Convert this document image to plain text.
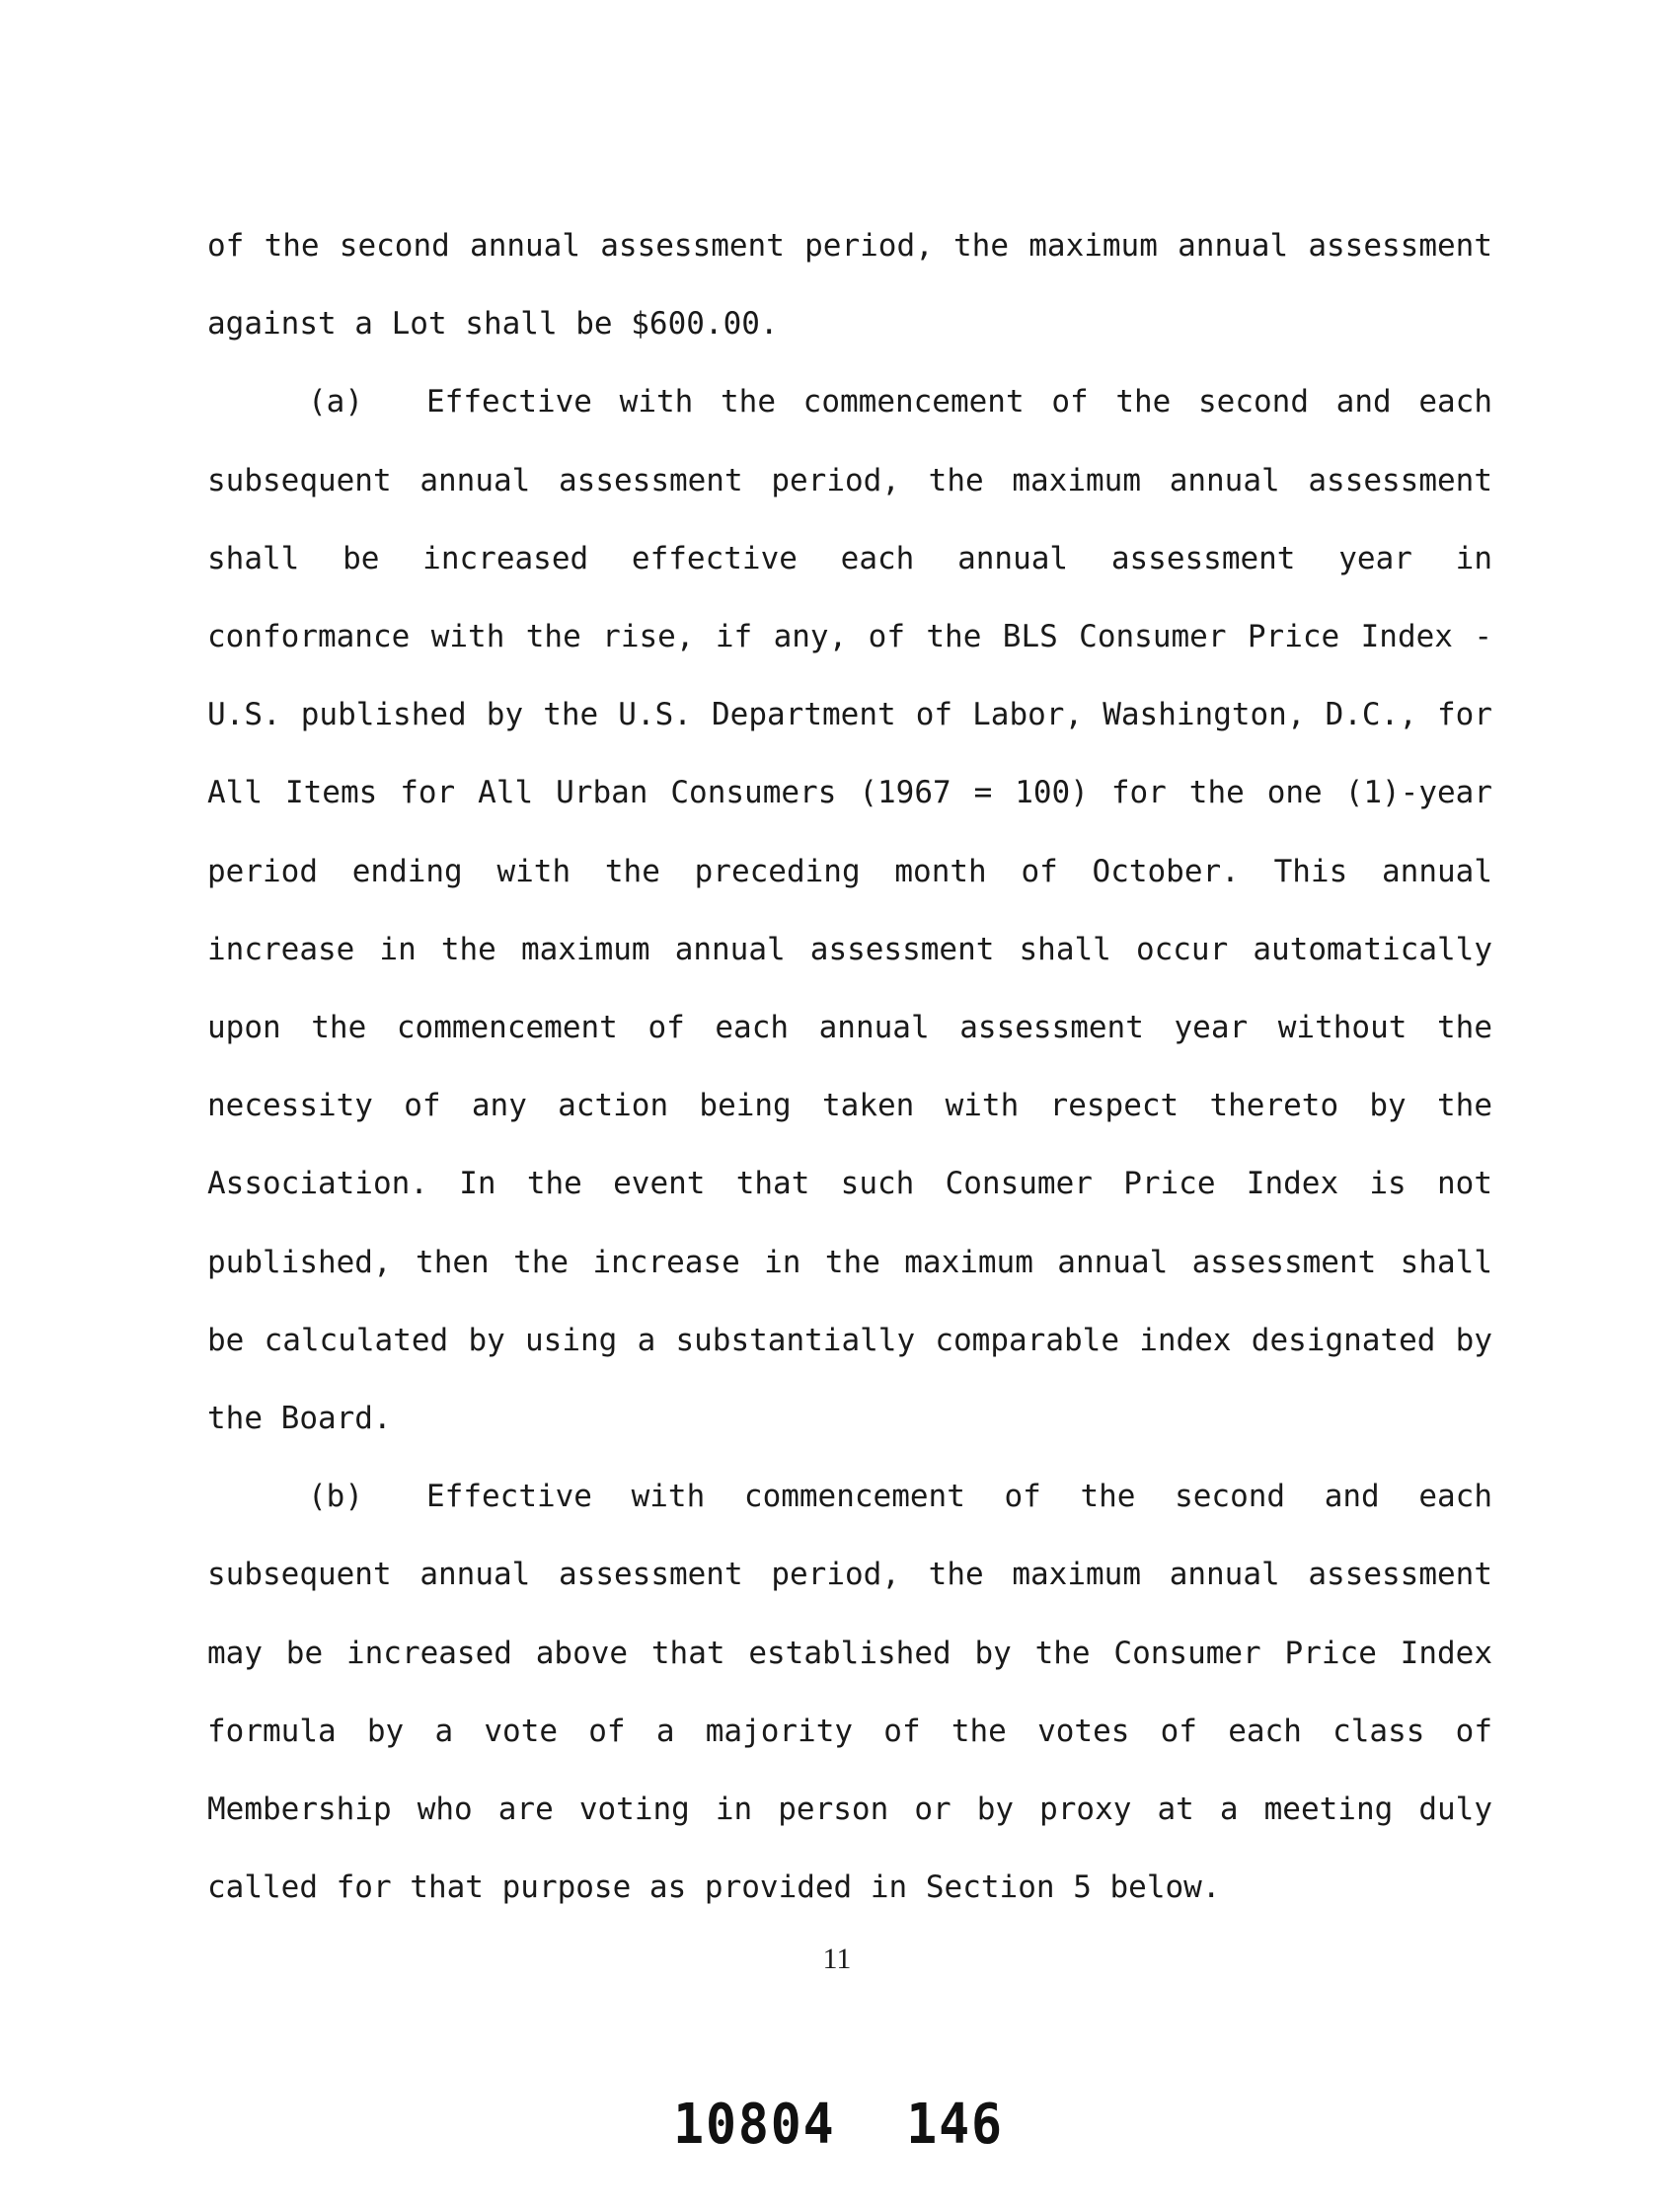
of the second annual assessment period, the maximum annual assessment against a Lot shall be $600.00.

(a) Effective with the commencement of the second and each subsequent annual assessment period, the maximum annual assessment shall be increased effective each annual assessment year in conformance with the rise, if any, of the BLS Consumer Price Index - U.S. published by the U.S. Department of Labor, Washington, D.C., for All Items for All Urban Consumers (1967 = 100) for the one (1)-year period ending with the preceding month of October. This annual increase in the maximum annual assessment shall occur automatically upon the commencement of each annual assessment year without the necessity of any action being taken with respect thereto by the Association. In the event that such Consumer Price Index is not published, then the increase in the maximum annual assessment shall be calculated by using a substantially comparable index designated by the Board.

(b) Effective with commencement of the second and each subsequent annual assessment period, the maximum annual assessment may be increased above that established by the Consumer Price Index formula by a vote of a majority of the votes of each class of Membership who are voting in person or by proxy at a meeting duly called for that purpose as provided in Section 5 below.

11
10804 146
